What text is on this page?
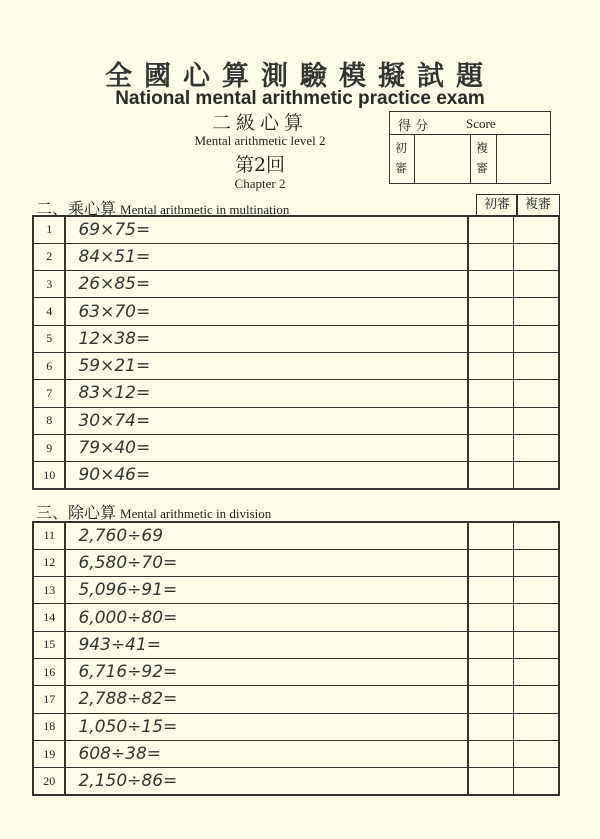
全國心算測驗模擬試題
National mental arithmetic practice exam
二級心算
Mental arithmetic level 2
第2回
Chapter 2
得 分	Score
初審
複審
二、乘心算 Mental arithmetic in multination	初審	複審
1	69×75=		
2	84×51=		
3	26×85=		
4	63×70=		
5	12×38=		
6	59×21=		
7	83×12=		
8	30×74=		
9	79×40=		
10	90×46=		
三、除心算 Mental arithmetic in division
11	2,760÷69		
12	6,580÷70=		
13	5,096÷91=		
14	6,000÷80=		
15	943÷41=		
16	6,716÷92=		
17	2,788÷82=		
18	1,050÷15=		
19	608÷38=		
20	2,150÷86=		
